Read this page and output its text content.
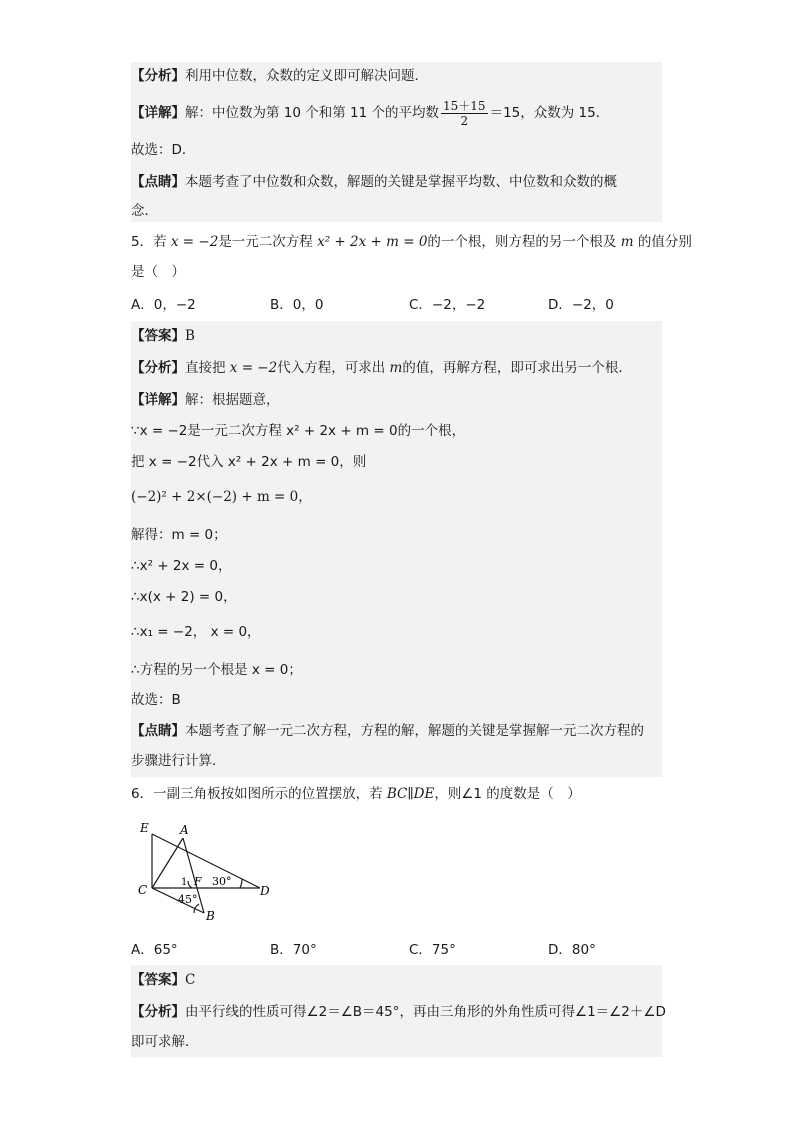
【分析】利用中位数，众数的定义即可解决问题．
【详解】解：中位数为第 10 个和第 11 个的平均数 $\frac{15+15}{2} =15$，众数为 15．
故选：D．
【点睛】本题考查了中位数和众数，解题的关键是掌握平均数、中位数和众数的概
念．
5．若 x = −2是一元二次方程 x² + 2x + m = 0的一个根，则方程的另一个根及 m 的值分别
是（　）
A．0，−2	B．0，0	C．−2，−2	D．−2，0
【答案】B
【分析】直接把 x = −2代入方程，可求出 m的值，再解方程，即可求出另一个根．
【详解】解：根据题意，
∵x = −2是一元二次方程 x² + 2x + m = 0的一个根，
把 x = −2代入 x² + 2x + m = 0，则
(−2)² + 2×(−2) + m = 0，
解得：m = 0；
∴x² + 2x = 0，
∴x(x + 2) = 0，
∴x₁ = −2， x = 0，
∴方程的另一个根是 x = 0；
故选：B
【点睛】本题考查了解一元二次方程，方程的解，解题的关键是掌握解一元二次方程的
步骤进行计算．
6．一副三角板按如图所示的位置摆放，若 BC∥DE，则∠1 的度数是（　）
E	A
C	D
B
F
1 30°
45°
A．65°	B．70°	C．75°	D．80°
【答案】C
【分析】由平行线的性质可得∠2＝∠B＝45°，再由三角形的外角性质可得∠1＝∠2＋∠D
即可求解．
